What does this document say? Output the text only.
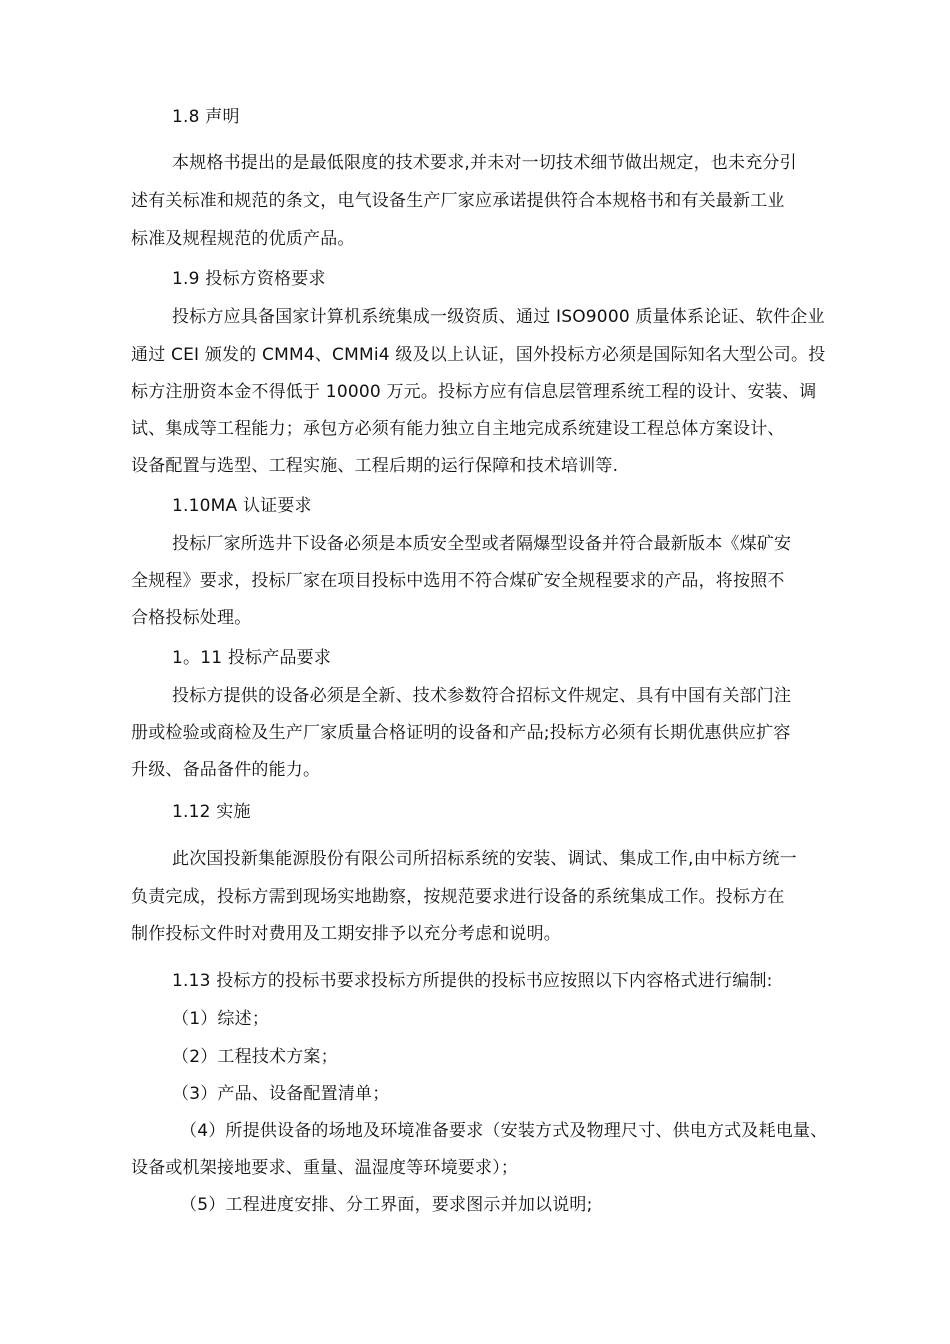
1.8 声明
本规格书提出的是最低限度的技术要求,并未对一切技术细节做出规定，也未充分引
述有关标准和规范的条文，电气设备生产厂家应承诺提供符合本规格书和有关最新工业
标准及规程规范的优质产品。
1.9 投标方资格要求
投标方应具备国家计算机系统集成一级资质、通过 ISO9000 质量体系论证、软件企业
通过 CEI 颁发的 CMM4、CMMi4 级及以上认证，国外投标方必须是国际知名大型公司。投
标方注册资本金不得低于 10000 万元。投标方应有信息层管理系统工程的设计、安装、调
试、集成等工程能力；承包方必须有能力独立自主地完成系统建设工程总体方案设计、
设备配置与选型、工程实施、工程后期的运行保障和技术培训等.
1.10MA 认证要求
投标厂家所选井下设备必须是本质安全型或者隔爆型设备并符合最新版本《煤矿安
全规程》要求，投标厂家在项目投标中选用不符合煤矿安全规程要求的产品，将按照不
合格投标处理。
1。11 投标产品要求
投标方提供的设备必须是全新、技术参数符合招标文件规定、具有中国有关部门注
册或检验或商检及生产厂家质量合格证明的设备和产品;投标方必须有长期优惠供应扩容
升级、备品备件的能力。
1.12 实施
此次国投新集能源股份有限公司所招标系统的安装、调试、集成工作,由中标方统一
负责完成，投标方需到现场实地勘察，按规范要求进行设备的系统集成工作。投标方在
制作投标文件时对费用及工期安排予以充分考虑和说明。
1.13 投标方的投标书要求投标方所提供的投标书应按照以下内容格式进行编制:
（1）综述；
（2）工程技术方案；
（3）产品、设备配置清单；
（4）所提供设备的场地及环境准备要求（安装方式及物理尺寸、供电方式及耗电量、
设备或机架接地要求、重量、温湿度等环境要求）；
（5）工程进度安排、分工界面，要求图示并加以说明;
